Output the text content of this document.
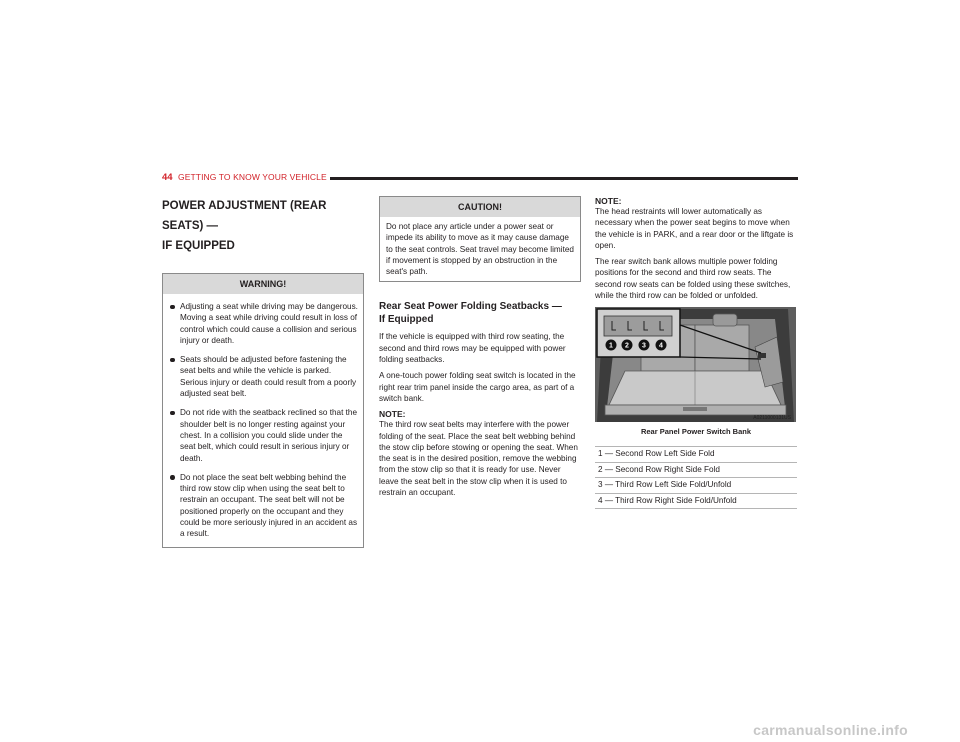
44 GETTING TO KNOW YOUR VEHICLE
POWER ADJUSTMENT (REAR SEATS) —
IF EQUIPPED
WARNING!
Adjusting a seat while driving may be dangerous. Moving a seat while driving could result in loss of control which could cause a collision and serious injury or death.
Seats should be adjusted before fastening the seat belts and while the vehicle is parked. Serious injury or death could result from a poorly adjusted seat belt.
Do not ride with the seatback reclined so that the shoulder belt is no longer resting against your chest. In a collision you could slide under the seat belt, which could result in serious injury or death.
Do not place the seat belt webbing behind the third row stow clip when using the seat belt to restrain an occupant. The seat belt will not be positioned properly on the occupant and they could be more seriously injured in an accident as a result.
CAUTION!
Do not place any article under a power seat or impede its ability to move as it may cause damage to the seat controls. Seat travel may become limited if movement is stopped by an obstruction in the seat's path.
Rear Seat Power Folding Seatbacks —
If Equipped

If the vehicle is equipped with third row seating, the second and third rows may be equipped with power folding seatbacks.

A one-touch power folding seat switch is located in the right rear trim panel inside the cargo area, as part of a switch bank.

NOTE:

The third row seat belts may interfere with the power folding of the seat. Place the seat belt webbing behind the stow clip before stowing or opening the seat. When the seat is in the desired position, remove the webbing from the stow clip so that it is ready for use. Never leave the seat belt in the stow clip when it is used to restrain an occupant.

NOTE:

The head restraints will lower automatically as necessary when the power seat begins to move when the vehicle is in PARK, and a rear door or the liftgate is open.

The rear switch bank allows multiple power folding positions for the second and third row seats. The second row seats can be folded using these switches, while the third row can be folded or unfolded.

1 2 3 4
A0211000131US
Rear Panel Power Switch Bank
1 — Second Row Left Side Fold
2 — Second Row Right Side Fold
3 — Third Row Left Side Fold/Unfold
4 — Third Row Right Side Fold/Unfold
carmanualsonline.info
